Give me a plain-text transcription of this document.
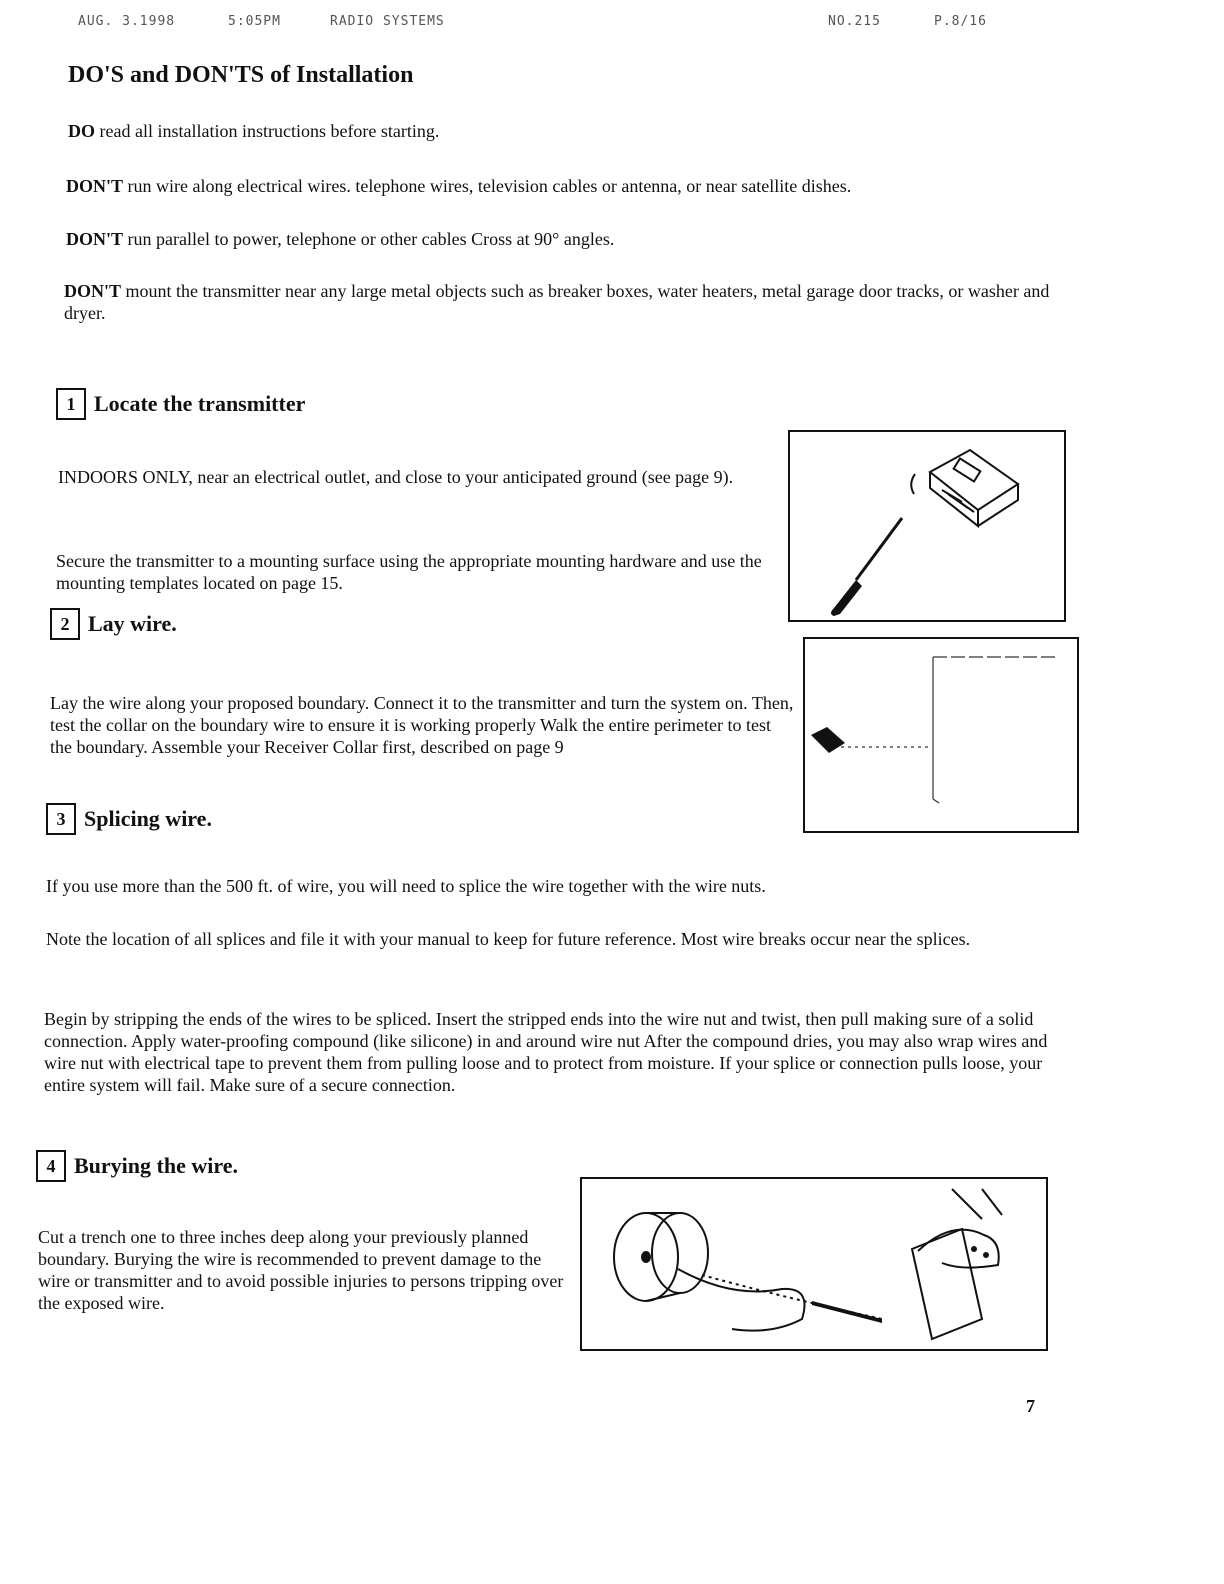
AUG. 3.1998	5:05PM	RADIO SYSTEMS	NO.215	P.8/16
DO'S and DON'TS of Installation
DO read all installation instructions before starting.
DON'T run wire along electrical wires. telephone wires, television cables or antenna, or near satellite dishes.
DON'T run parallel to power, telephone or other cables Cross at 90° angles.
DON'T mount the transmitter near any large metal objects such as breaker boxes, water heaters, metal garage door tracks, or washer and dryer.
1 Locate the transmitter
INDOORS ONLY, near an electrical outlet, and close to your anticipated ground (see page 9).
Secure the transmitter to a mounting surface using the appropriate mounting hardware and use the mounting templates located on page 15.
2 Lay wire.
Lay the wire along your proposed boundary. Connect it to the transmitter and turn the system on. Then, test the collar on the boundary wire to ensure it is working properly Walk the entire perimeter to test the boundary. Assemble your Receiver Collar first, described on page 9
3 Splicing wire.
If you use more than the 500 ft. of wire, you will need to splice the wire together with the wire nuts.
Note the location of all splices and file it with your manual to keep for future reference. Most wire breaks occur near the splices.
Begin by stripping the ends of the wires to be spliced. Insert the stripped ends into the wire nut and twist, then pull making sure of a solid connection. Apply water-proofing compound (like silicone) in and around wire nut After the compound dries, you may also wrap wires and wire nut with electrical tape to prevent them from pulling loose and to protect from moisture. If your splice or connection pulls loose, your entire system will fail. Make sure of a secure connection.
4 Burying the wire.
Cut a trench one to three inches deep along your previously planned boundary. Burying the wire is recommended to prevent damage to the wire or transmitter and to avoid possible injuries to persons tripping over the exposed wire.
7
